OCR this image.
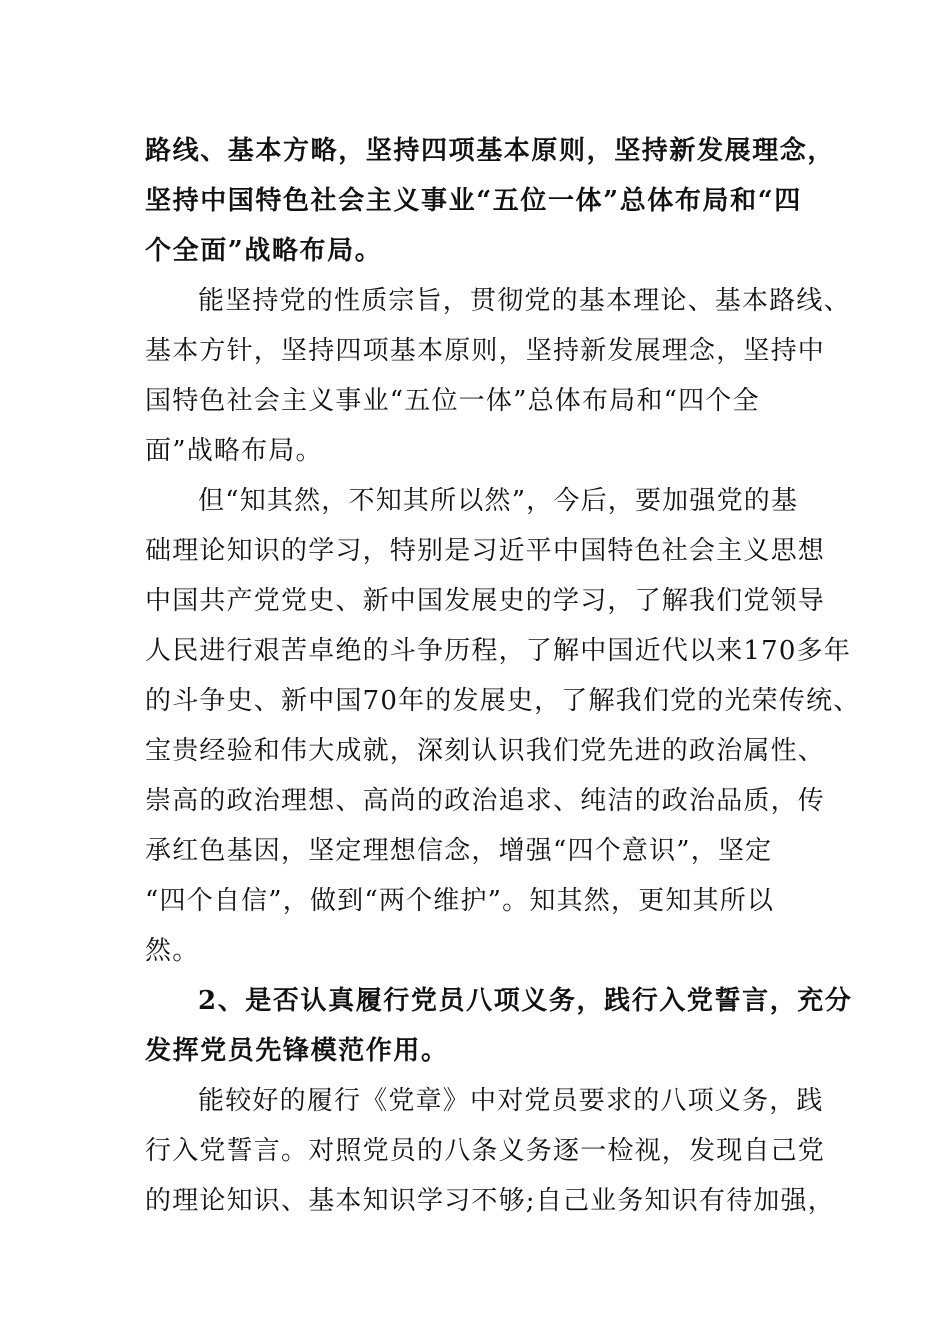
路线、基本方略，坚持四项基本原则，坚持新发展理念，
坚持中国特色社会主义事业“五位一体”总体布局和“四
个全面”战略布局。
能坚持党的性质宗旨，贯彻党的基本理论、基本路线、
基本方针，坚持四项基本原则，坚持新发展理念，坚持中
国特色社会主义事业“五位一体”总体布局和“四个全
面”战略布局。
但“知其然，不知其所以然”，今后，要加强党的基
础理论知识的学习，特别是习近平中国特色社会主义思想
中国共产党党史、新中国发展史的学习，了解我们党领导
人民进行艰苦卓绝的斗争历程，了解中国近代以来170多年
的斗争史、新中国70年的发展史，了解我们党的光荣传统、
宝贵经验和伟大成就，深刻认识我们党先进的政治属性、
崇高的政治理想、高尚的政治追求、纯洁的政治品质，传
承红色基因，坚定理想信念，增强“四个意识”，坚定
“四个自信”，做到“两个维护”。知其然，更知其所以
然。
2、是否认真履行党员八项义务，践行入党誓言，充分
发挥党员先锋模范作用。
能较好的履行《党章》中对党员要求的八项义务，践
行入党誓言。对照党员的八条义务逐一检视，发现自己党
的理论知识、基本知识学习不够;自己业务知识有待加强，
